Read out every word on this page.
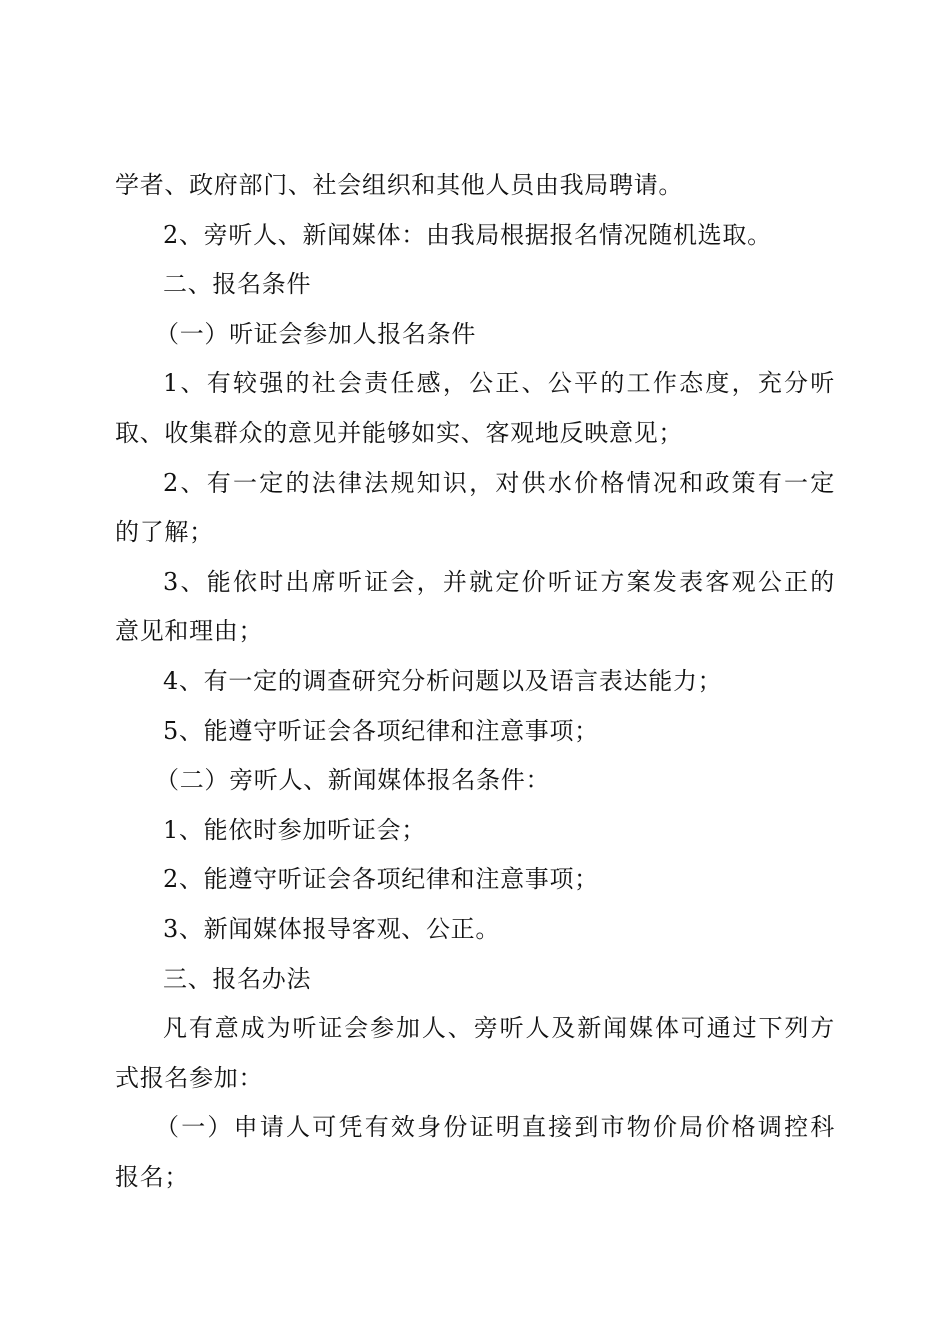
学者、政府部门、社会组织和其他人员由我局聘请。
2、旁听人、新闻媒体：由我局根据报名情况随机选取。
二、报名条件
（一）听证会参加人报名条件
1、有较强的社会责任感，公正、公平的工作态度，充分听
取、收集群众的意见并能够如实、客观地反映意见；
2、有一定的法律法规知识，对供水价格情况和政策有一定
的了解；
3、能依时出席听证会，并就定价听证方案发表客观公正的
意见和理由；
4、有一定的调查研究分析问题以及语言表达能力；
5、能遵守听证会各项纪律和注意事项；
（二）旁听人、新闻媒体报名条件：
1、能依时参加听证会；
2、能遵守听证会各项纪律和注意事项；
3、新闻媒体报导客观、公正。
三、报名办法
凡有意成为听证会参加人、旁听人及新闻媒体可通过下列方
式报名参加：
（一）申请人可凭有效身份证明直接到市物价局价格调控科
报名；
